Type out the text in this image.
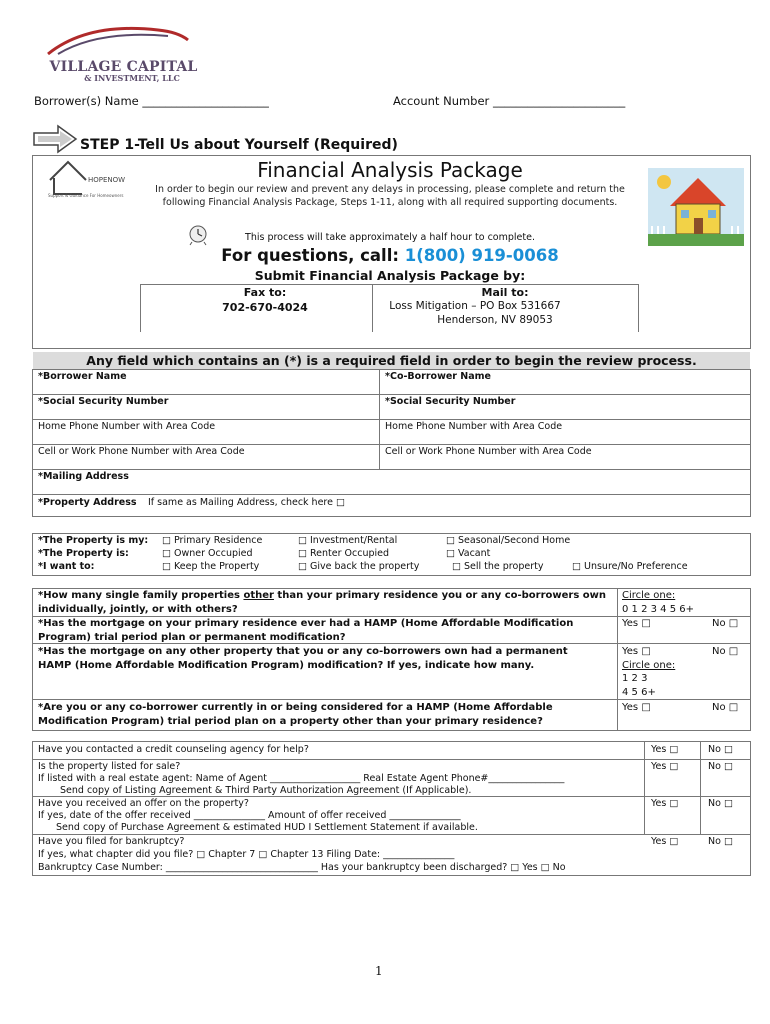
VILLAGE CAPITAL
& INVESTMENT, LLC
Borrower(s) Name ______________________	Account Number _______________________
STEP 1-Tell Us about Yourself (Required)
HOPENOW
Support & Guidance For Homeowners
Financial Analysis Package
In order to begin our review and prevent any delays in processing, please complete and return the following Financial Analysis Package, Steps 1-11, along with all required supporting documents.
This process will take approximately a half hour to complete.
For questions, call: 1(800) 919-0068
Submit Financial Analysis Package by:
Fax to:
702-670-4024
Mail to:
Loss Mitigation – PO Box 531667
Henderson, NV 89053
Any field which contains an (*) is a required field in order to begin the review process.
*Borrower Name	*Co-Borrower Name
*Social Security Number	*Social Security Number
Home Phone Number with Area Code	Home Phone Number with Area Code
Cell or Work Phone Number with Area Code	Cell or Work Phone Number with Area Code
*Mailing Address
*Property Address If same as Mailing Address, check here □
*The Property is my: □ Primary Residence	□ Investment/Rental	□ Seasonal/Second Home
*The Property is:	□ Owner Occupied	□ Renter Occupied	□ Vacant
*I want to:	□ Keep the Property	□ Give back the property	□ Sell the property	□ Unsure/No Preference
*How many single family properties other than your primary residence you or any co-borrowers own individually, jointly, or with others?
Circle one:
0 1 2 3 4 5 6+
*Has the mortgage on your primary residence ever had a HAMP (Home Affordable Modification Program) trial period plan or permanent modification?
Yes □	No □
*Has the mortgage on any other property that you or any co-borrowers own had a permanent HAMP (Home Affordable Modification Program) modification? If yes, indicate how many.
Yes □	No □
Circle one:
1 2 3
4 5 6+
*Are you or any co-borrower currently in or being considered for a HAMP (Home Affordable Modification Program) trial period plan on a property other than your primary residence?
Yes □	No □
Have you contacted a credit counseling agency for help?	Yes □	No □
Is the property listed for sale?
If listed with a real estate agent: Name of Agent ___________________ Real Estate Agent Phone#________________
Send copy of Listing Agreement & Third Party Authorization Agreement (If Applicable).
Yes □	No □
Have you received an offer on the property?
If yes, date of the offer received _______________ Amount of offer received _______________
Send copy of Purchase Agreement & estimated HUD I Settlement Statement if available.
Yes □	No □
Have you filed for bankruptcy?
If yes, what chapter did you file? □ Chapter 7 □ Chapter 13 Filing Date: _______________
Bankruptcy Case Number: ________________________________ Has your bankruptcy been discharged? □ Yes □ No
Yes □	No □
1
